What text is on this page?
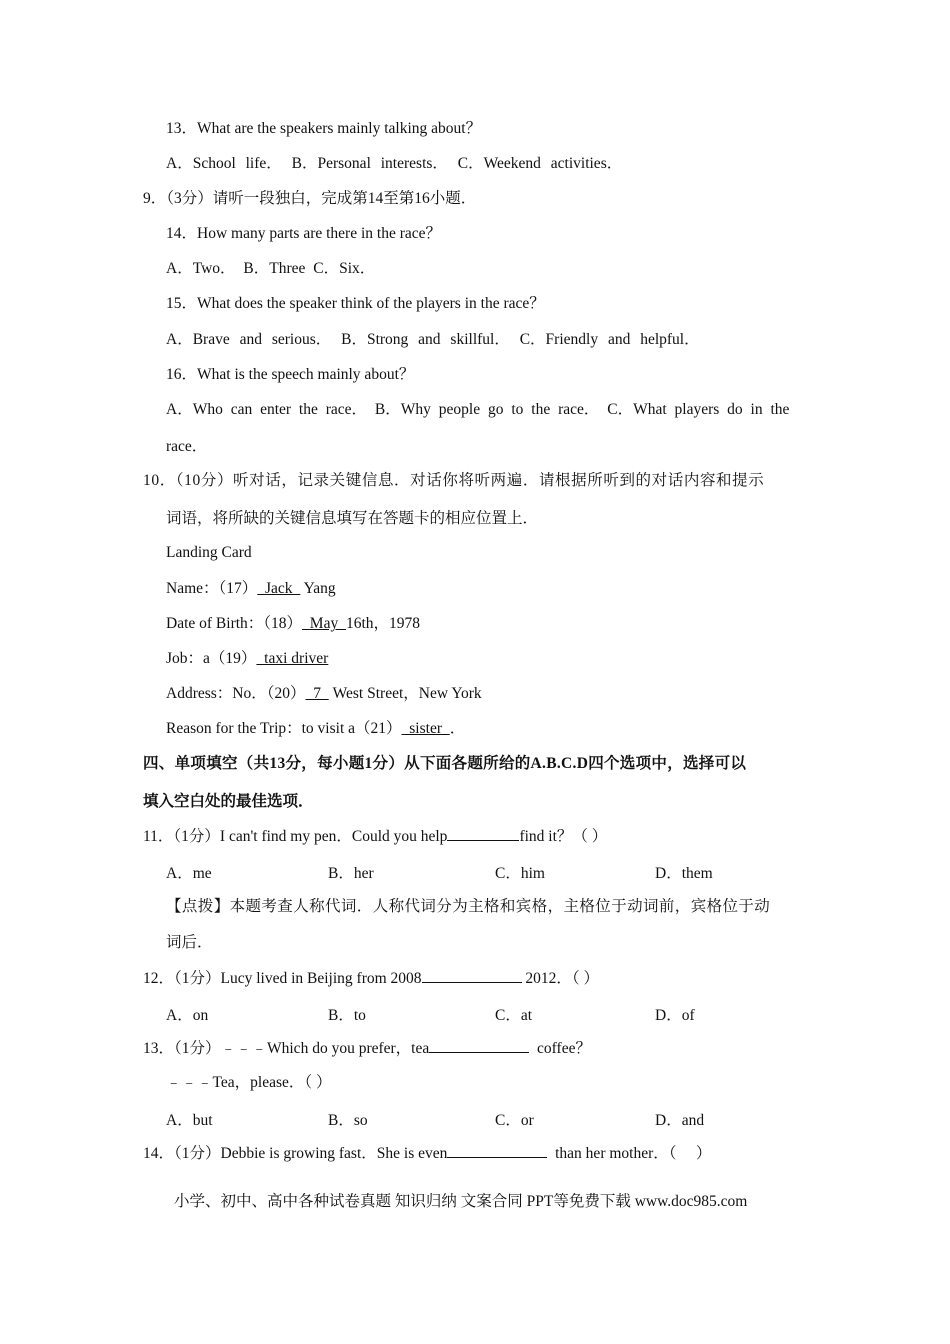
13．What are the speakers mainly talking about？
A．School life． B．Personal interests． C．Weekend activities．
9．（3分）请听一段独白，完成第14至第16小题．
14．How many parts are there in the race？
A．Two． B．Three C．Six．
15．What does the speaker think of the players in the race？
A．Brave and serious． B．Strong and skillful． C．Friendly and helpful．
16．What is the speech mainly about？
A．Who can enter the race． B．Why people go to the race． C．What players do in the
race．
10．（10分）听对话，记录关键信息．对话你将听两遍．请根据所听到的对话内容和提示
词语，将所缺的关键信息填写在答题卡的相应位置上．
Landing Card
Name：（17）  Jack   Yang
Date of Birth：（18）  May  16th，1978
Job：a（19）  taxi driver
Address：No．（20）  7   West Street，New York
Reason for the Trip：to visit a（21）  sister  ．
四、单项填空（共13分，每小题1分）从下面各题所给的A.B.C.D四个选项中，选择可以
填入空白处的最佳选项．
11．（1分）I can't find my pen．Could you help	find it？（ ）
A．me	B．her	C．him	D．them
【点拨】本题考查人称代词．人称代词分为主格和宾格，主格位于动词前，宾格位于动
词后．
12．（1分）Lucy lived in Beijing from 2008	2012．（ ）
A．on	B．to	C．at	D．of
13．（1分）﹣﹣﹣Which do you prefer，tea	coffee？
﹣﹣﹣Tea，please．（ ）
A．but	B．so	C．or	D．and
14．（1分）Debbie is growing fast．She is even	than her mother．（     ）
小学、初中、高中各种试卷真题 知识归纳 文案合同 PPT等免费下载 www.doc985.com
